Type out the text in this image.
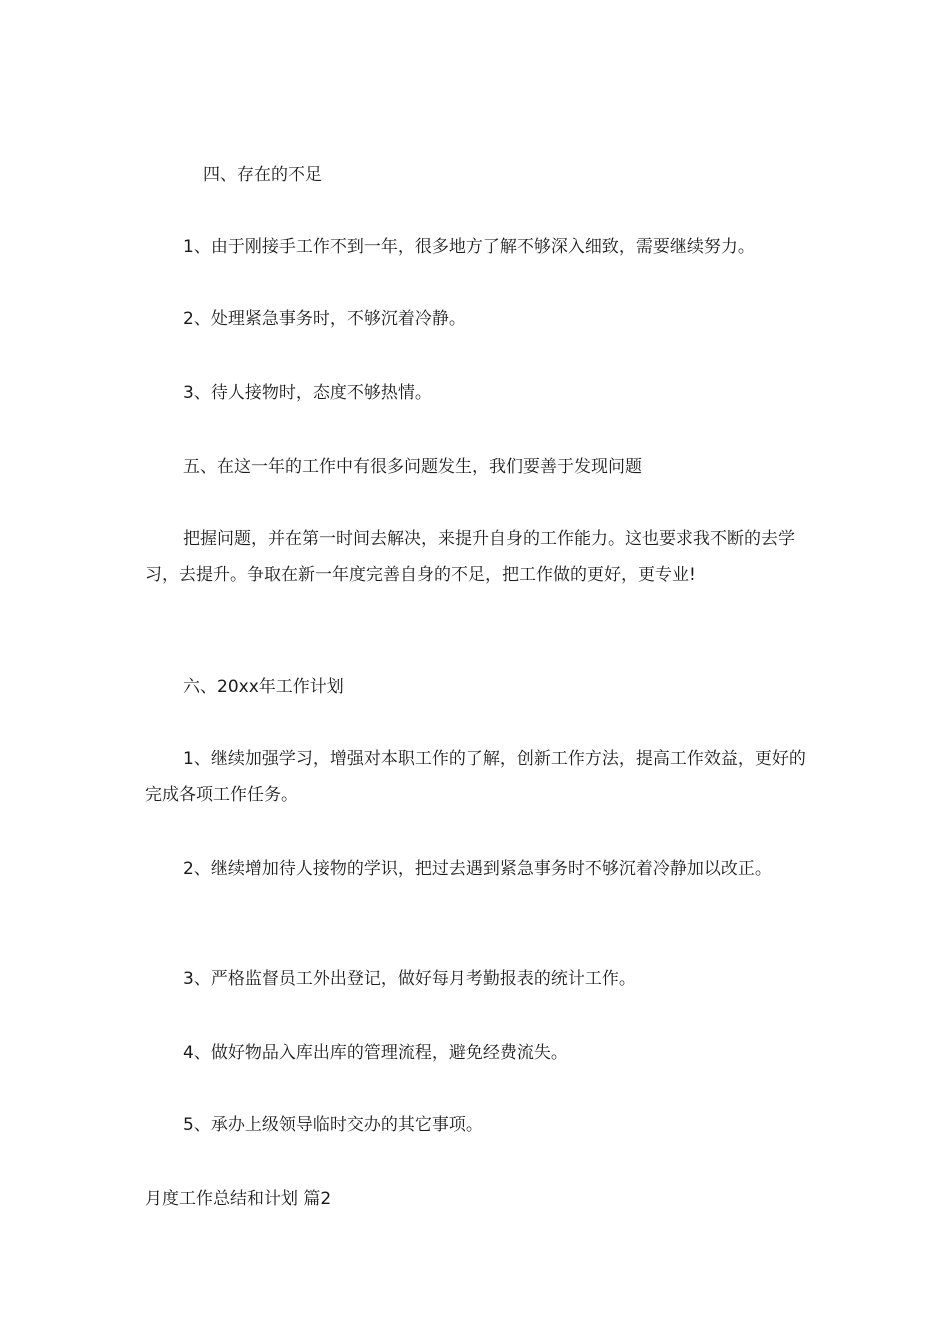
四、存在的不足

1、由于刚接手工作不到一年，很多地方了解不够深入细致，需要继续努力。

2、处理紧急事务时，不够沉着冷静。

3、待人接物时，态度不够热情。

五、在这一年的工作中有很多问题发生，我们要善于发现问题

把握问题，并在第一时间去解决，来提升自身的工作能力。这也要求我不断的去学习，去提升。争取在新一年度完善自身的不足，把工作做的更好，更专业!

六、20xx年工作计划

1、继续加强学习，增强对本职工作的了解，创新工作方法，提高工作效益，更好的完成各项工作任务。

2、继续增加待人接物的学识，把过去遇到紧急事务时不够沉着冷静加以改正。

3、严格监督员工外出登记，做好每月考勤报表的统计工作。

4、做好物品入库出库的管理流程，避免经费流失。

5、承办上级领导临时交办的其它事项。

月度工作总结和计划 篇2
